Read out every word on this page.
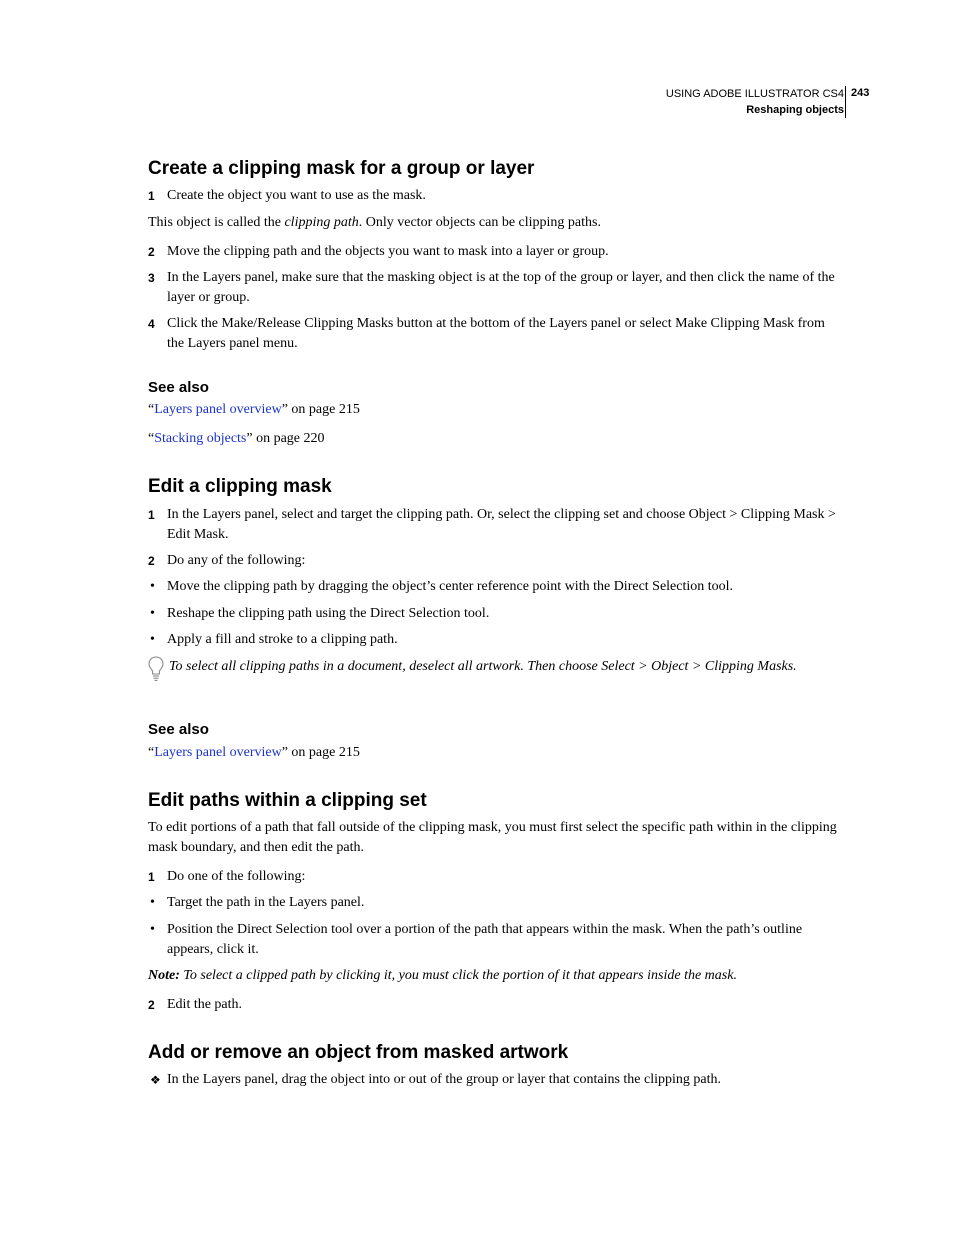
USING ADOBE ILLUSTRATOR CS4
Reshaping objects
243
Create a clipping mask for a group or layer
1 Create the object you want to use as the mask.
This object is called the clipping path. Only vector objects can be clipping paths.
2 Move the clipping path and the objects you want to mask into a layer or group.
3 In the Layers panel, make sure that the masking object is at the top of the group or layer, and then click the name of the layer or group.
4 Click the Make/Release Clipping Masks button at the bottom of the Layers panel or select Make Clipping Mask from the Layers panel menu.
See also
“Layers panel overview” on page 215
“Stacking objects” on page 220
Edit a clipping mask
1 In the Layers panel, select and target the clipping path. Or, select the clipping set and choose Object > Clipping Mask > Edit Mask.
2 Do any of the following:
• Move the clipping path by dragging the object’s center reference point with the Direct Selection tool.
• Reshape the clipping path using the Direct Selection tool.
• Apply a fill and stroke to a clipping path.
To select all clipping paths in a document, deselect all artwork. Then choose Select > Object > Clipping Masks.
See also
“Layers panel overview” on page 215
Edit paths within a clipping set
To edit portions of a path that fall outside of the clipping mask, you must first select the specific path within in the clipping mask boundary, and then edit the path.
1 Do one of the following:
• Target the path in the Layers panel.
• Position the Direct Selection tool over a portion of the path that appears within the mask. When the path’s outline appears, click it.
Note: To select a clipped path by clicking it, you must click the portion of it that appears inside the mask.
2 Edit the path.
Add or remove an object from masked artwork
❖ In the Layers panel, drag the object into or out of the group or layer that contains the clipping path.
